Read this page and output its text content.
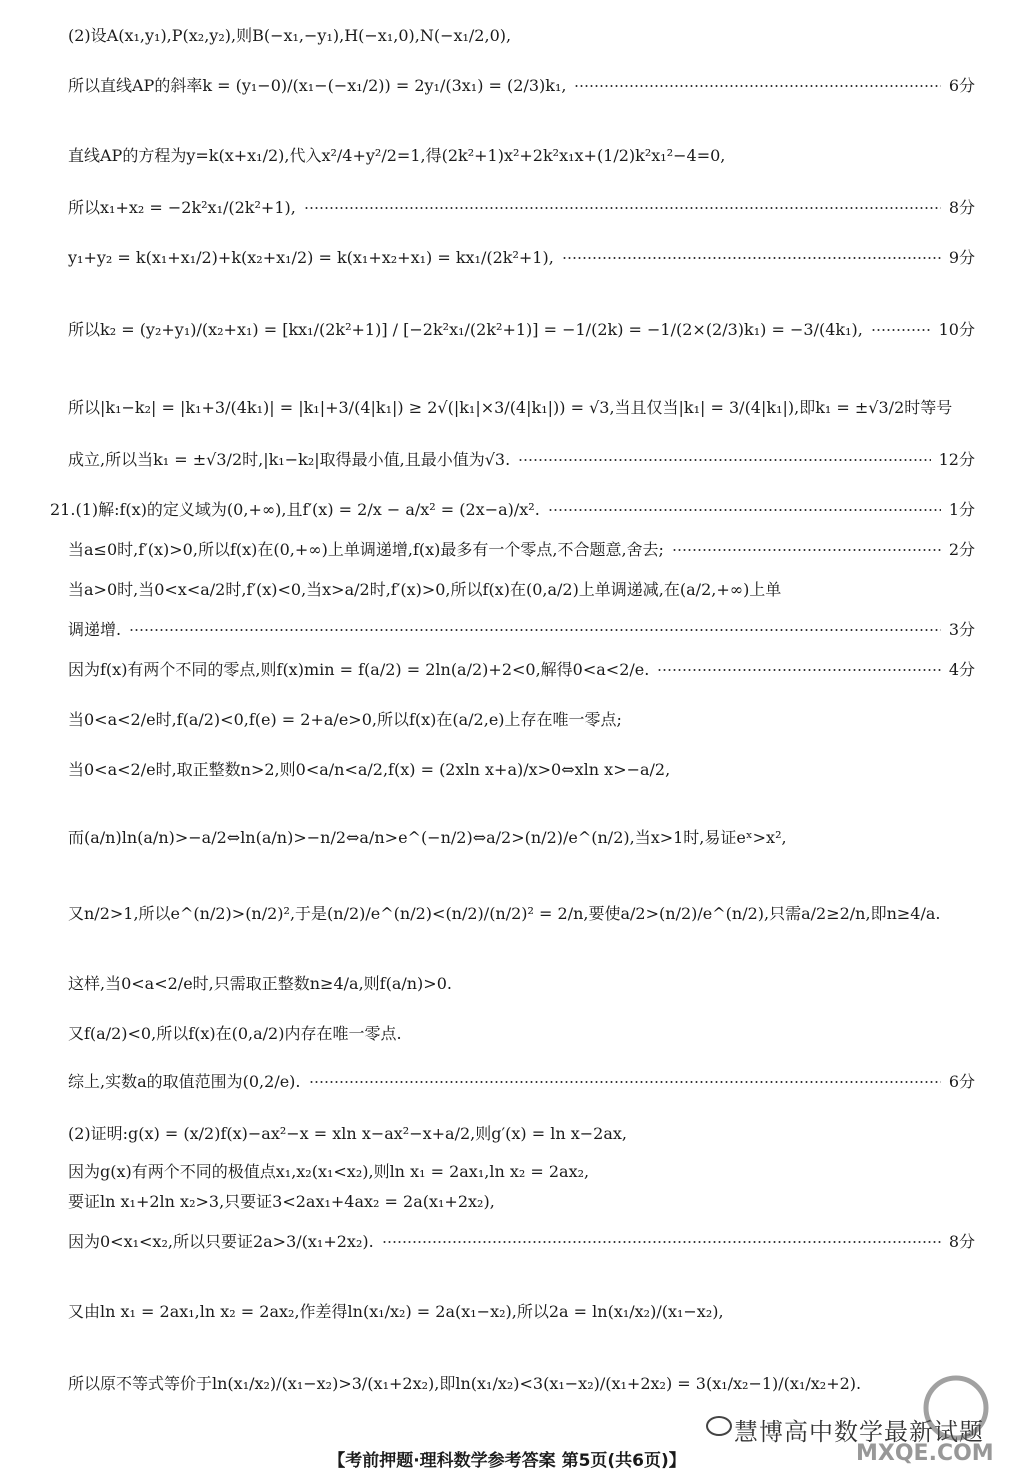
(2)设A(x₁,y₁),P(x₂,y₂),则B(−x₁,−y₁),H(−x₁,0),N(−x₁/2,0),
所以直线AP的斜率k = (y₁−0)/(x₁−(−x₁/2)) = 2y₁/(3x₁) = (2/3)k₁,	6分
直线AP的方程为y=k(x+x₁/2),代入x²/4+y²/2=1,得(2k²+1)x²+2k²x₁x+(1/2)k²x₁²−4=0,
所以x₁+x₂ = −2k²x₁/(2k²+1),	8分
y₁+y₂ = k(x₁+x₁/2)+k(x₂+x₁/2) = k(x₁+x₂+x₁) = kx₁/(2k²+1),	9分
所以k₂ = (y₂+y₁)/(x₂+x₁) = [kx₁/(2k²+1)] / [−2k²x₁/(2k²+1)] = −1/(2k) = −1/(2×(2/3)k₁) = −3/(4k₁),	10分
所以|k₁−k₂| = |k₁+3/(4k₁)| = |k₁|+3/(4|k₁|) ≥ 2√(|k₁|×3/(4|k₁|)) = √3,当且仅当|k₁| = 3/(4|k₁|),即k₁ = ±√3/2时等号
成立,所以当k₁ = ±√3/2时,|k₁−k₂|取得最小值,且最小值为√3.	12分
21.(1)解:f(x)的定义域为(0,+∞),且f′(x) = 2/x − a/x² = (2x−a)/x².	1分
当a≤0时,f′(x)>0,所以f(x)在(0,+∞)上单调递增,f(x)最多有一个零点,不合题意,舍去;	2分
当a>0时,当0<x<a/2时,f′(x)<0,当x>a/2时,f′(x)>0,所以f(x)在(0,a/2)上单调递减,在(a/2,+∞)上单
调递增.	3分
因为f(x)有两个不同的零点,则f(x)min = f(a/2) = 2ln(a/2)+2<0,解得0<a<2/e.	4分
当0<a<2/e时,f(a/2)<0,f(e) = 2+a/e>0,所以f(x)在(a/2,e)上存在唯一零点;
当0<a<2/e时,取正整数n>2,则0<a/n<a/2,f(x) = (2xln x+a)/x>0⇔xln x>−a/2,
而(a/n)ln(a/n)>−a/2⇔ln(a/n)>−n/2⇔a/n>e^(−n/2)⇔a/2>(n/2)/e^(n/2),当x>1时,易证eˣ>x²,
又n/2>1,所以e^(n/2)>(n/2)²,于是(n/2)/e^(n/2)<(n/2)/(n/2)² = 2/n,要使a/2>(n/2)/e^(n/2),只需a/2≥2/n,即n≥4/a.
这样,当0<a<2/e时,只需取正整数n≥4/a,则f(a/n)>0.
又f(a/2)<0,所以f(x)在(0,a/2)内存在唯一零点.
综上,实数a的取值范围为(0,2/e).	6分
(2)证明:g(x) = (x/2)f(x)−ax²−x = xln x−ax²−x+a/2,则g′(x) = ln x−2ax,
因为g(x)有两个不同的极值点x₁,x₂(x₁<x₂),则ln x₁ = 2ax₁,ln x₂ = 2ax₂,
要证ln x₁+2ln x₂>3,只要证3<2ax₁+4ax₂ = 2a(x₁+2x₂),
因为0<x₁<x₂,所以只要证2a>3/(x₁+2x₂).	8分
又由ln x₁ = 2ax₁,ln x₂ = 2ax₂,作差得ln(x₁/x₂) = 2a(x₁−x₂),所以2a = ln(x₁/x₂)/(x₁−x₂),
所以原不等式等价于ln(x₁/x₂)/(x₁−x₂)>3/(x₁+2x₂),即ln(x₁/x₂)<3(x₁−x₂)/(x₁+2x₂) = 3(x₁/x₂−1)/(x₁/x₂+2).
慧博高中数学最新试题
MXQE.COM
【考前押题·理科数学参考答案 第5页(共6页)】
